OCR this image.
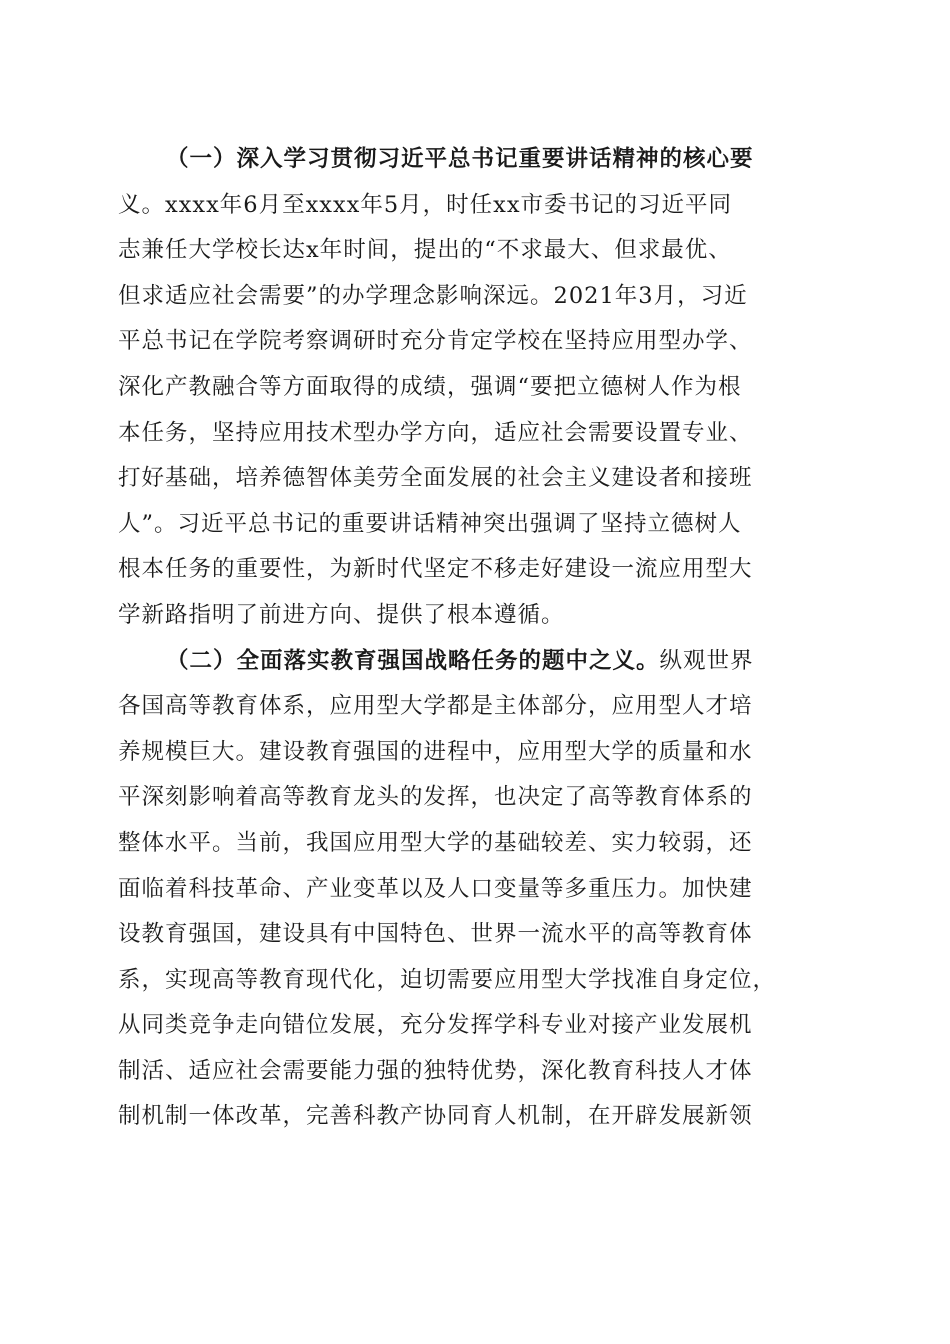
（一）深入学习贯彻习近平总书记重要讲话精神的核心要
义。xxxx年6月至xxxx年5月，时任xx市委书记的习近平同
志兼任大学校长达x年时间，提出的“不求最大、但求最优、
但求适应社会需要”的办学理念影响深远。2021年3月，习近
平总书记在学院考察调研时充分肯定学校在坚持应用型办学、
深化产教融合等方面取得的成绩，强调“要把立德树人作为根
本任务，坚持应用技术型办学方向，适应社会需要设置专业、
打好基础，培养德智体美劳全面发展的社会主义建设者和接班
人”。习近平总书记的重要讲话精神突出强调了坚持立德树人
根本任务的重要性，为新时代坚定不移走好建设一流应用型大
学新路指明了前进方向、提供了根本遵循。
（二）全面落实教育强国战略任务的题中之义。纵观世界
各国高等教育体系，应用型大学都是主体部分，应用型人才培
养规模巨大。建设教育强国的进程中，应用型大学的质量和水
平深刻影响着高等教育龙头的发挥，也决定了高等教育体系的
整体水平。当前，我国应用型大学的基础较差、实力较弱，还
面临着科技革命、产业变革以及人口变量等多重压力。加快建
设教育强国，建设具有中国特色、世界一流水平的高等教育体
系，实现高等教育现代化，迫切需要应用型大学找准自身定位，
从同类竞争走向错位发展，充分发挥学科专业对接产业发展机
制活、适应社会需要能力强的独特优势，深化教育科技人才体
制机制一体改革，完善科教产协同育人机制，在开辟发展新领
